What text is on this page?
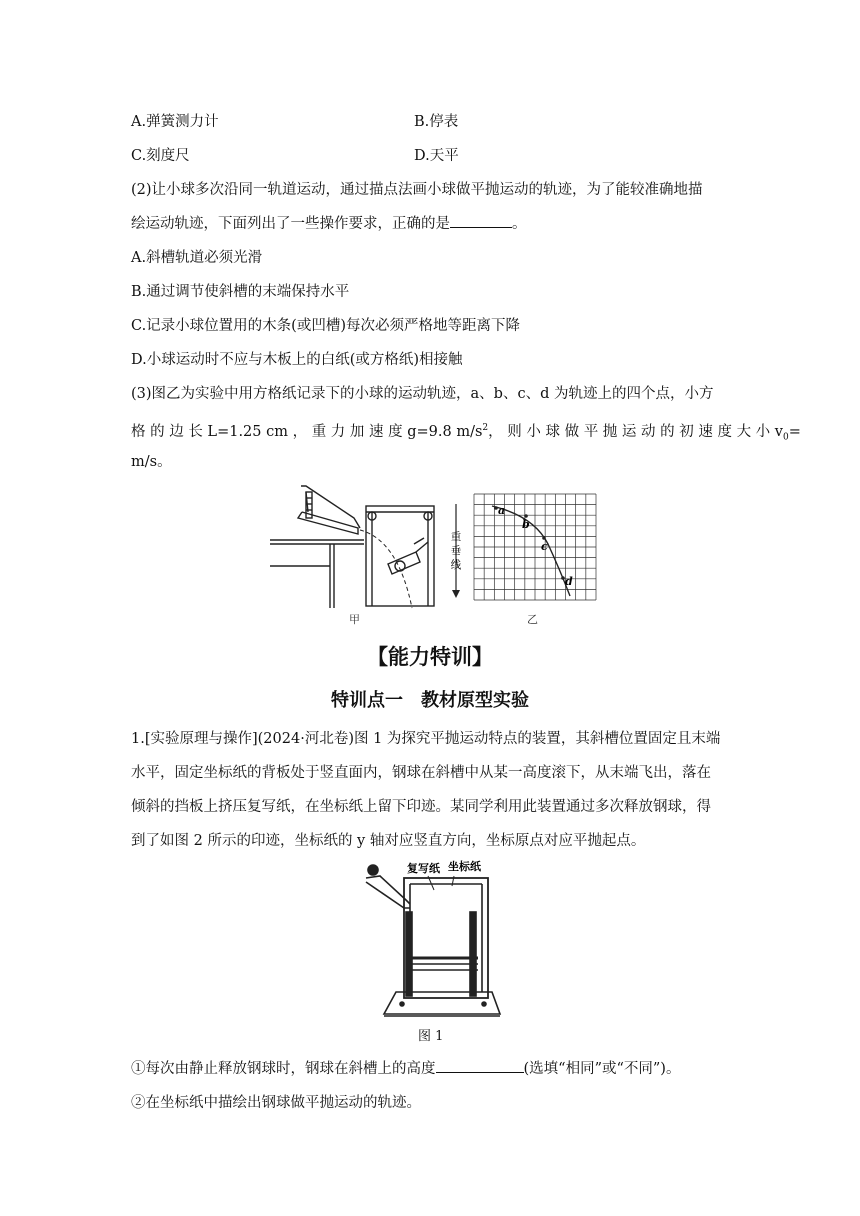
A.弹簧测力计	B.停表
C.刻度尺	D.天平
(2)让小球多次沿同一轨道运动，通过描点法画小球做平抛运动的轨迹，为了能较准确地描
绘运动轨迹，下面列出了一些操作要求，正确的是	。
A.斜槽轨道必须光滑
B.通过调节使斜槽的末端保持水平
C.记录小球位置用的木条(或凹槽)每次必须严格地等距离下降
D.小球运动时不应与木板上的白纸(或方格纸)相接触
(3)图乙为实验中用方格纸记录下的小球的运动轨迹，a、b、c、d 为轨迹上的四个点，小方
格 的 边 长 L=1.25 cm ， 重 力 加 速 度 g=9.8 $m/s^2$， 则 小 球 做 平 抛 运 动 的 初 速 度 大 小 $v_0=$
m/s。
甲
重
垂
线
a
b
c
d
乙
【能力特训】
特训点一　教材原型实验
1.[实验原理与操作](2024·河北卷)图 1 为探究平抛运动特点的装置，其斜槽位置固定且末端
水平，固定坐标纸的背板处于竖直面内，钢球在斜槽中从某一高度滚下，从末端飞出，落在
倾斜的挡板上挤压复写纸，在坐标纸上留下印迹。某同学利用此装置通过多次释放钢球，得
到了如图 2 所示的印迹，坐标纸的 y 轴对应竖直方向，坐标原点对应平抛起点。
复写纸 坐标纸
图 1
①每次由静止释放钢球时，钢球在斜槽上的高度	(选填“相同”或“不同”)。
②在坐标纸中描绘出钢球做平抛运动的轨迹。
